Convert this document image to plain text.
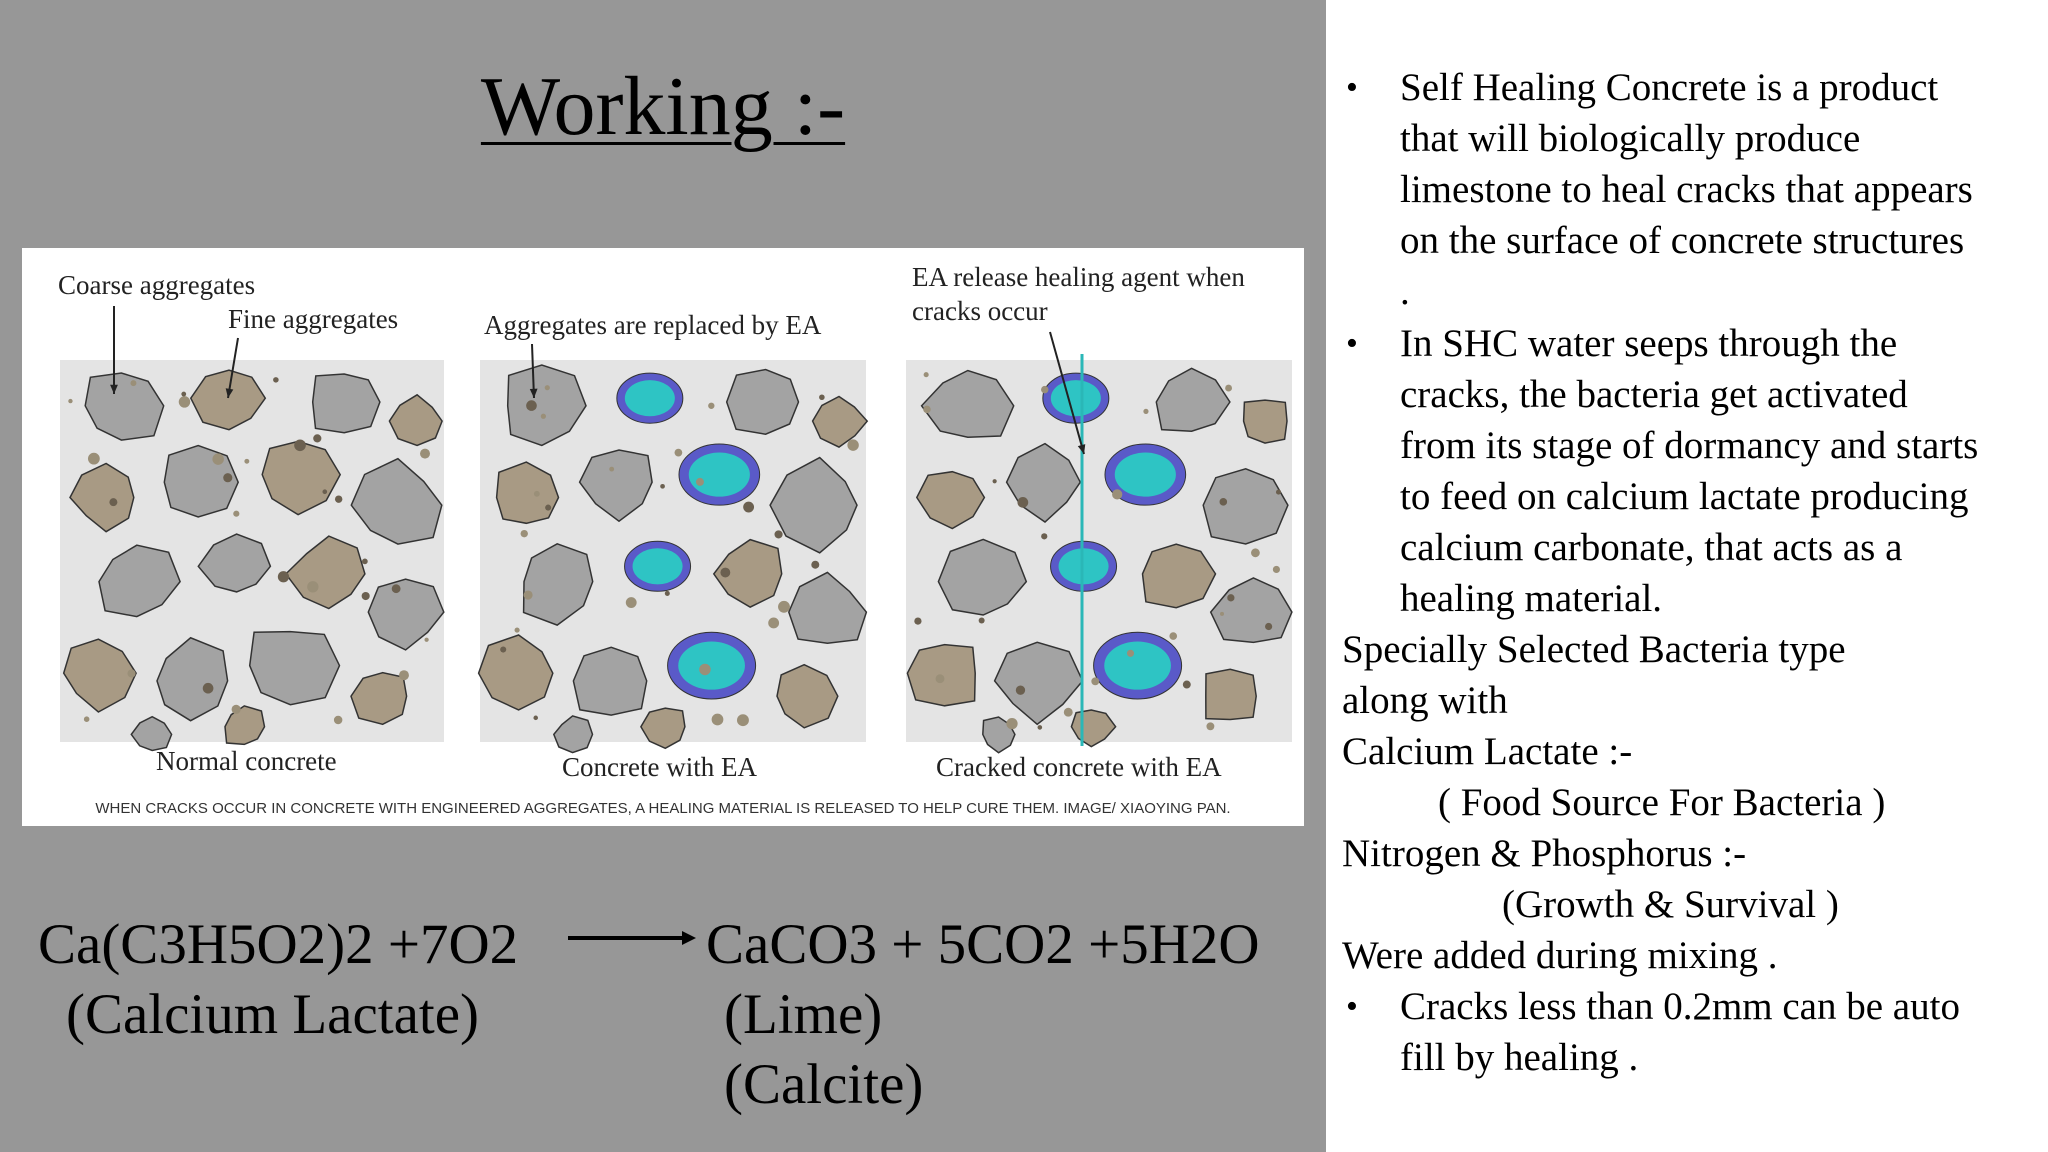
Working :-
Coarse aggregates
Fine aggregates	Aggregates are replaced by EA
EA release healing agent when
cracks occur
Normal concrete	Concrete with EA	Cracked concrete with EA
WHEN CRACKS OCCUR IN CONCRETE WITH ENGINEERED AGGREGATES, A HEALING MATERIAL IS RELEASED TO HELP CURE THEM. IMAGE/ XIAOYING PAN.
Ca(C3H5O2)2 +7O2	CaCO3 + 5CO2 +5H2O
(Calcium Lactate)	(Lime)
(Calcite)
• Self Healing Concrete is a product
that will biologically produce
limestone to heal cracks that appears
on the surface of concrete structures
.
• In SHC water seeps through the
cracks, the bacteria get activated
from its stage of dormancy and starts
to feed on calcium lactate producing
calcium carbonate, that acts as a
healing material.
Specially Selected Bacteria type
along with
Calcium Lactate :-
( Food Source For Bacteria )
Nitrogen & Phosphorus :-
(Growth & Survival )
Were added during mixing .
• Cracks less than 0.2mm can be auto
fill by healing .
